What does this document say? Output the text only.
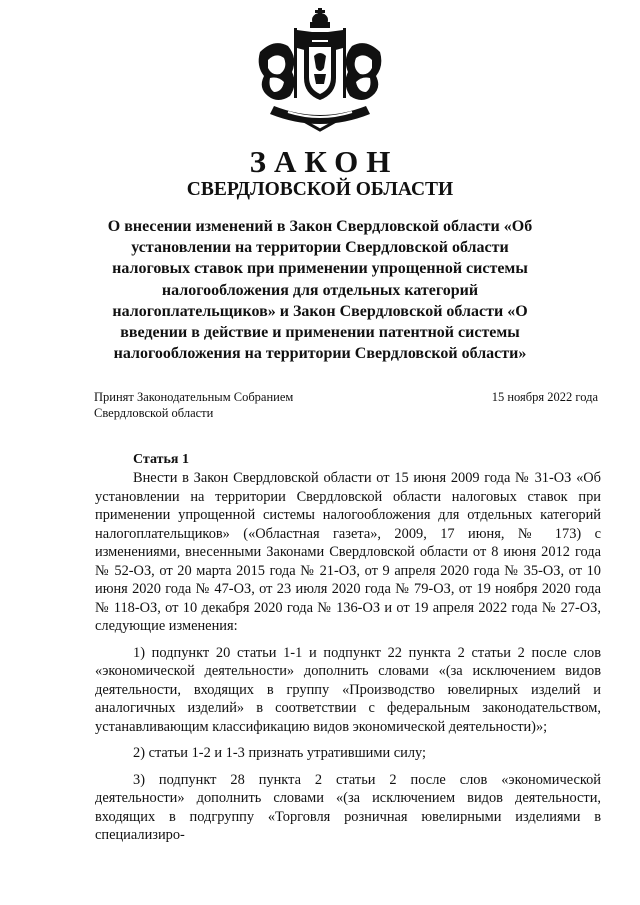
ЗАКОН
СВЕРДЛОВСКОЙ ОБЛАСТИ
О внесении изменений в Закон Свердловской области «Об установлении на территории Свердловской области налоговых ставок при применении упрощенной системы налогообложения для отдельных категорий налогоплательщиков» и Закон Свердловской области «О введении в действие и применении патентной системы налогообложения на территории Свердловской области»
Принят Законодательным Собранием
Свердловской области
15 ноября 2022 года
Статья 1

Внести в Закон Свердловской области от 15 июня 2009 года № 31-ОЗ «Об установлении на территории Свердловской области налоговых ставок при применении упрощенной системы налогообложения для отдельных категорий налогоплательщиков» («Областная газета», 2009, 17 июня, № 173) с изменениями, внесенными Законами Свердловской области от 8 июня 2012 года № 52-ОЗ, от 20 марта 2015 года № 21-ОЗ, от 9 апреля 2020 года № 35-ОЗ, от 10 июня 2020 года № 47-ОЗ, от 23 июля 2020 года № 79-ОЗ, от 19 ноября 2020 года № 118-ОЗ, от 10 декабря 2020 года № 136-ОЗ и от 19 апреля 2022 года № 27-ОЗ, следующие изменения:

1) подпункт 20 статьи 1-1 и подпункт 22 пункта 2 статьи 2 после слов «экономической деятельности» дополнить словами «(за исключением видов деятельности, входящих в группу «Производство ювелирных изделий и аналогичных изделий» в соответствии с федеральным законодательством, устанавливающим классификацию видов экономической деятельности)»;

2) статьи 1-2 и 1-3 признать утратившими силу;

3) подпункт 28 пункта 2 статьи 2 после слов «экономической деятельности» дополнить словами «(за исключением видов деятельности, входящих в подгруппу «Торговля розничная ювелирными изделиями в специализиро-
